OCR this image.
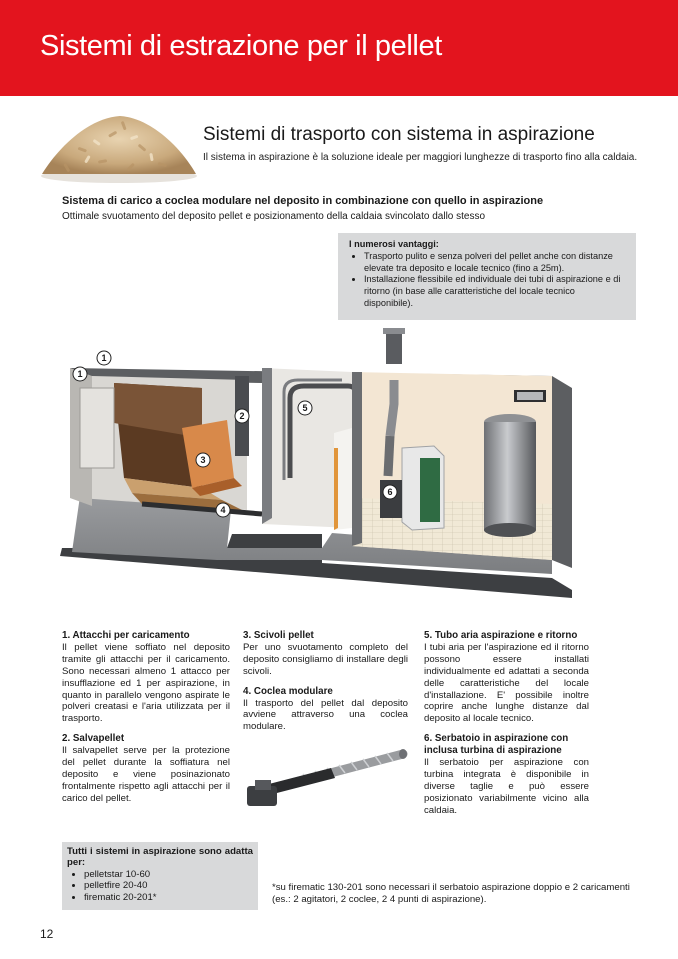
Sistemi di estrazione per il pellet
Sistemi di trasporto con sistema in aspirazione
Il sistema in aspirazione è la soluzione ideale per maggiori lunghezze di trasporto fino alla caldaia.
Sistema di carico a coclea modulare nel deposito in combinazione con quello in aspirazione
Ottimale svuotamento del deposito pellet e posizionamento della caldaia svincolato dallo stesso
I numerosi vantaggi:
• Trasporto pulito e senza polveri del pellet anche con distanze elevate tra deposito e locale tecnico (fino a 25m).
• Installazione flessibile ed individuale dei tubi di aspirazione e di ritorno (in base alle caratteristiche del locale tecnico disponibile).
1
1
2
3
4
5
6
1. Attacchi per caricamento

Il pellet viene soffiato nel deposito tramite gli attacchi per il caricamento. Sono necessari almeno 1 attacco per insufflazione ed 1 per aspirazione, in quanto in parallelo vengono aspirate le polveri creatasi e l'aria utilizzata per il trasporto.

2. Salvapellet

Il salvapellet serve per la protezione del pellet durante la soffiatura nel deposito e viene posinazionato frontalmente rispetto agli attacchi per il carico del pellet.

3. Scivoli pellet

Per uno svuotamento completo del deposito consigliamo di installare degli scivoli.

4. Coclea modulare

Il trasporto del pellet dal deposito avviene attraverso una coclea modulare.

5. Tubo aria aspirazione e ritorno

I tubi aria per l'aspirazione ed il ritorno possono essere installati individualmente ed adattati a seconda delle caratteristiche del locale d'installazione. E' possibile inoltre coprire anche lunghe distanze dal deposito al locale tecnico.

6. Serbatoio in aspirazione con inclusa turbina di aspirazione

Il serbatoio per aspirazione con turbina integrata è disponibile in diverse taglie e può essere posizionato variabilmente vicino alla caldaia.

Tutti i sistemi in aspirazione sono adatta per:
• pelletstar 10-60
• pelletfire 20-40
• firematic 20-201*
*su firematic 130-201 sono necessari il serbatoio aspirazione doppio e 2 caricamenti (es.: 2 agitatori, 2 coclee, 2 4 punti di aspirazione).
12
